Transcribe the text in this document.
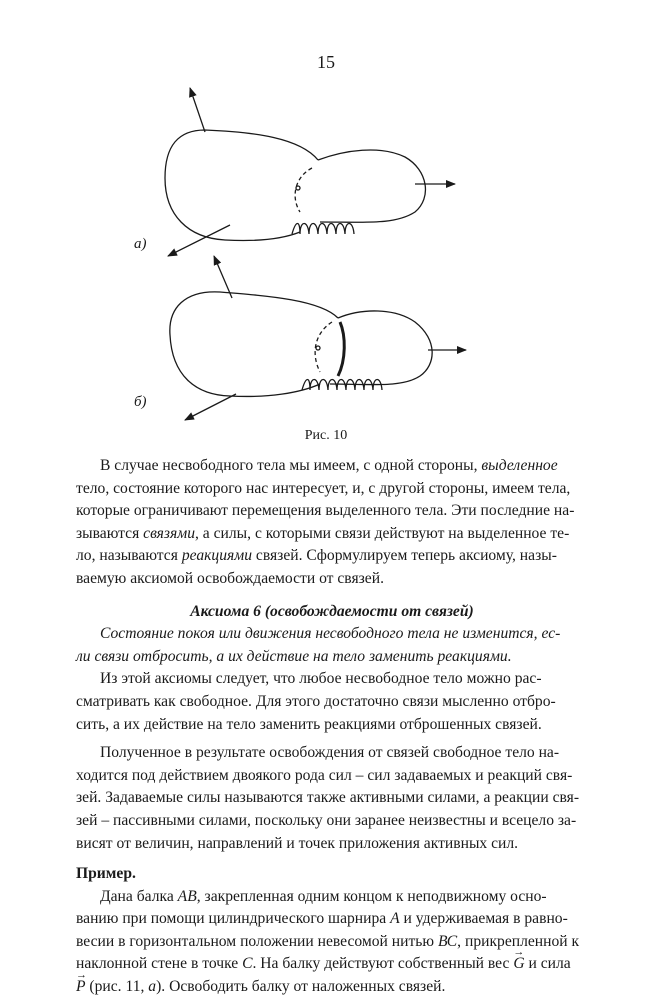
15
а)
б)
Рис. 10

В случае несвободного тела мы имеем, с одной стороны, выделенное
тело, состояние которого нас интересует, и, с другой стороны, имеем тела,
которые ограничивают перемещения выделенного тела. Эти последние на-
зываются связями, а силы, с которыми связи действуют на выделенное те-
ло, называются реакциями связей. Сформулируем теперь аксиому, назы-
ваемую аксиомой освобождаемости от связей.

Аксиома 6 (освобождаемости от связей)

Состояние покоя или движения несвободного тела не изменится, ес-
ли связи отбросить, а их действие на тело заменить реакциями.

Из этой аксиомы следует, что любое несвободное тело можно рас-
сматривать как свободное. Для этого достаточно связи мысленно отбро-
сить, а их действие на тело заменить реакциями отброшенных связей.

Полученное в результате освобождения от связей свободное тело на-
ходится под действием двоякого рода сил – сил задаваемых и реакций свя-
зей. Задаваемые силы называются также активными силами, а реакции свя-
зей – пассивными силами, поскольку они заранее неизвестны и всецело за-
висят от величин, направлений и точек приложения активных сил.

Пример.

Дана балка АВ, закрепленная одним концом к неподвижному осно-
ванию при помощи цилиндрического шарнира А и удерживаемая в равно-
весии в горизонтальном положении невесомой нитью ВС, прикрепленной к
наклонной стене в точке С. На балку действуют собственный вес → G и сила
→ P (рис. 11, а). Освободить балку от наложенных связей.
